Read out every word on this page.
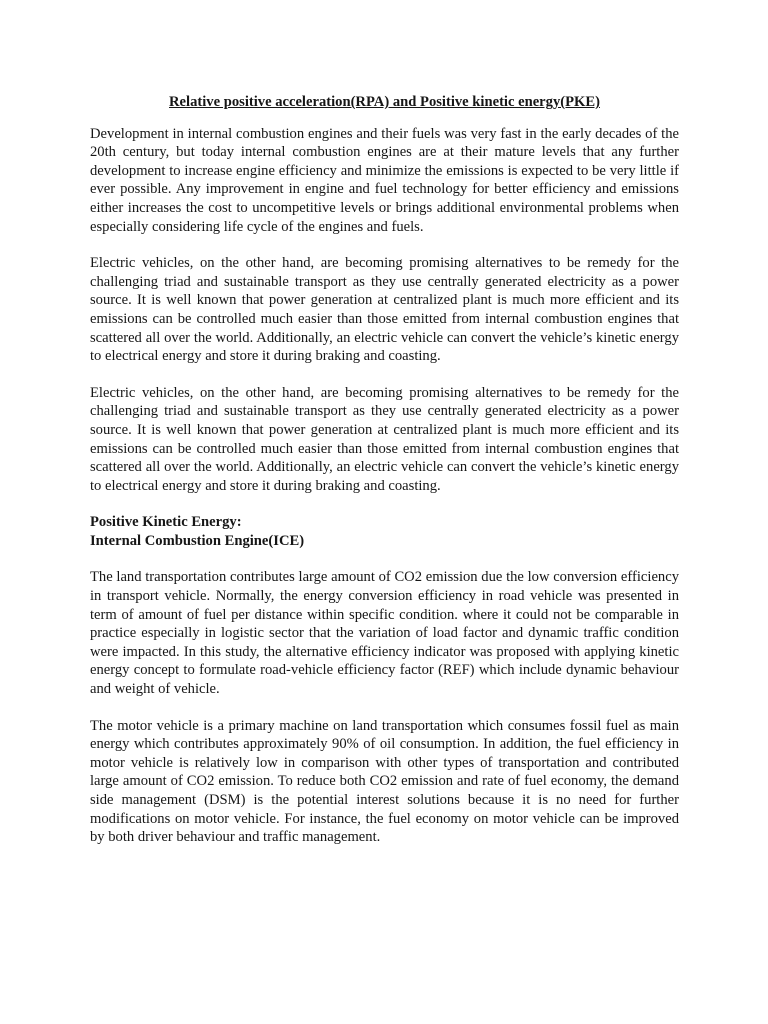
Relative positive acceleration(RPA) and Positive kinetic energy(PKE)

Development in internal combustion engines and their fuels was very fast in the early decades of the 20th century, but today internal combustion engines are at their mature levels that any further development to increase engine efficiency and minimize the emissions is expected to be very little if ever possible. Any improvement in engine and fuel technology for better efficiency and emissions either increases the cost to uncompetitive levels or brings additional environmental problems when especially considering life cycle of the engines and fuels.

Electric vehicles, on the other hand, are becoming promising alternatives to be remedy for the challenging triad and sustainable transport as they use centrally generated electricity as a power source. It is well known that power generation at centralized plant is much more efficient and its emissions can be controlled much easier than those emitted from internal combustion engines that scattered all over the world. Additionally, an electric vehicle can convert the vehicle’s kinetic energy to electrical energy and store it during braking and coasting.

Electric vehicles, on the other hand, are becoming promising alternatives to be remedy for the challenging triad and sustainable transport as they use centrally generated electricity as a power source. It is well known that power generation at centralized plant is much more efficient and its emissions can be controlled much easier than those emitted from internal combustion engines that scattered all over the world. Additionally, an electric vehicle can convert the vehicle’s kinetic energy to electrical energy and store it during braking and coasting.

Positive Kinetic Energy:

Internal Combustion Engine(ICE)

The land transportation contributes large amount of CO2 emission due the low conversion efficiency in transport vehicle. Normally, the energy conversion efficiency in road vehicle was presented in term of amount of fuel per distance within specific condition. where it could not be comparable in practice especially in logistic sector that the variation of load factor and dynamic traffic condition were impacted. In this study, the alternative efficiency indicator was proposed with applying kinetic energy concept to formulate road-vehicle efficiency factor (REF) which include dynamic behaviour and weight of vehicle.

The motor vehicle is a primary machine on land transportation which consumes fossil fuel as main energy which contributes approximately 90% of oil consumption. In addition, the fuel efficiency in motor vehicle is relatively low in comparison with other types of transportation and contributed large amount of CO2 emission. To reduce both CO2 emission and rate of fuel economy, the demand side management (DSM) is the potential interest solutions because it is no need for further modifications on motor vehicle. For instance, the fuel economy on motor vehicle can be improved by both driver behaviour and traffic management.
